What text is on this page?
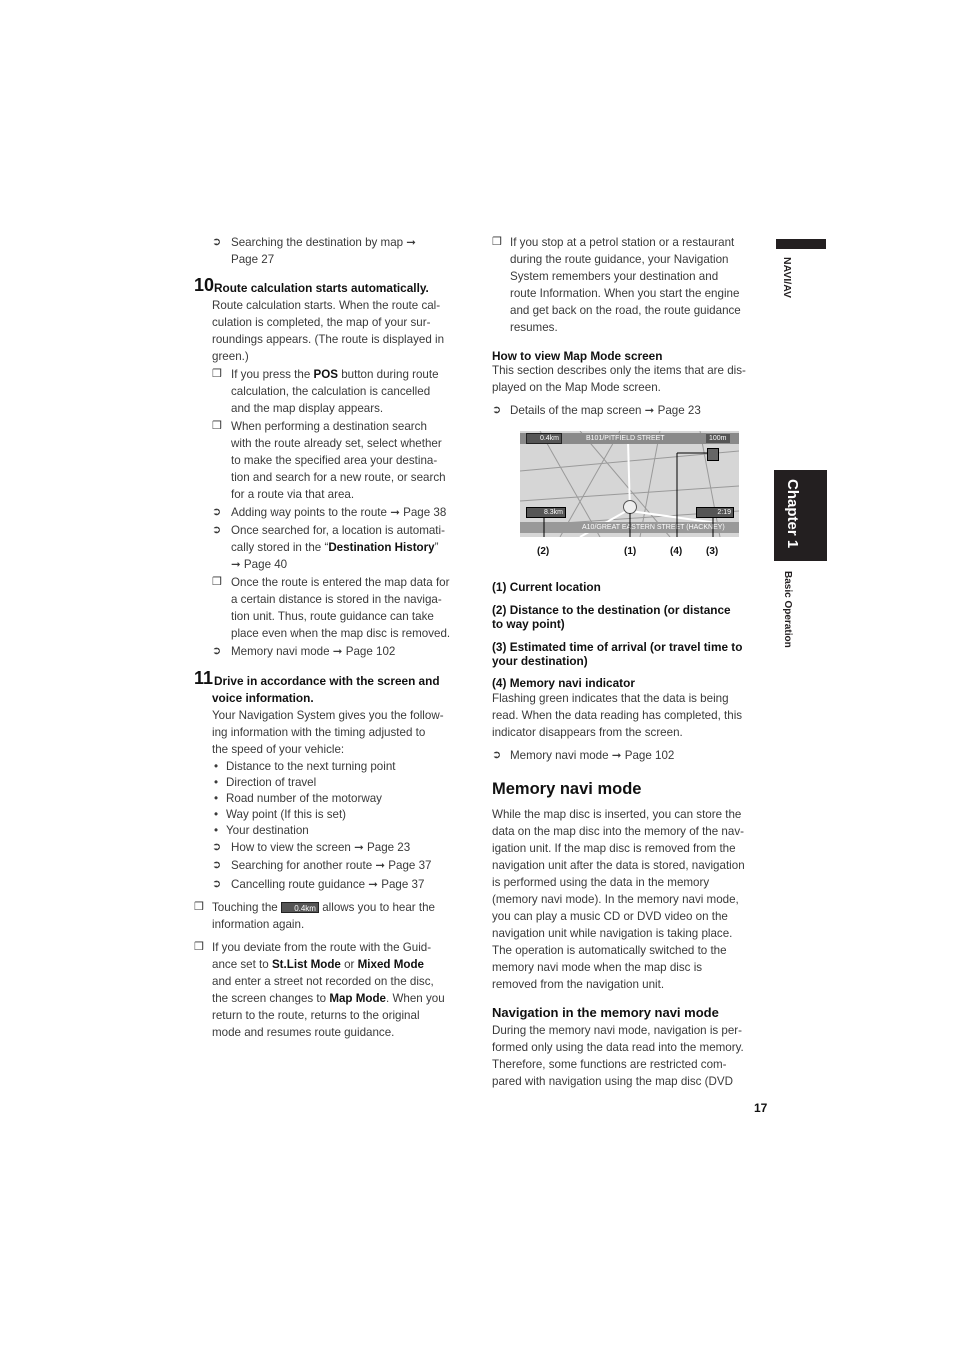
➲ Searching the destination by map ➞
Page 27
10 Route calculation starts automatically.
Route calculation starts. When the route cal-
culation is completed, the map of your sur-
roundings appears. (The route is displayed in
green.)
❒ If you press the POS button during route
calculation, the calculation is cancelled
and the map display appears.
❒ When performing a destination search
with the route already set, select whether
to make the specified area your destina-
tion and search for a new route, or search
for a route via that area.
➲ Adding way points to the route ➞ Page 38
➲ Once searched for, a location is automati-
cally stored in the “Destination History”
➞ Page 40
❒ Once the route is entered the map data for
a certain distance is stored in the naviga-
tion unit. Thus, route guidance can take
place even when the map disc is removed.
➲ Memory navi mode ➞ Page 102
11 Drive in accordance with the screen and
voice information.
Your Navigation System gives you the follow-
ing information with the timing adjusted to
the speed of your vehicle:
• Distance to the next turning point
• Direction of travel
• Road number of the motorway
• Way point (If this is set)
• Your destination
➲ How to view the screen ➞ Page 23
➲ Searching for another route ➞ Page 37
➲ Cancelling route guidance ➞ Page 37
❒ Touching the 0.4km allows you to hear the
information again.
❒ If you deviate from the route with the Guid-
ance set to St.List Mode or Mixed Mode
and enter a street not recorded on the disc,
the screen changes to Map Mode. When you
return to the route, returns to the original
mode and resumes route guidance.
❒ If you stop at a petrol station or a restaurant
during the route guidance, your Navigation
System remembers your destination and
route Information. When you start the engine
and get back on the road, the route guidance
resumes.
How to view Map Mode screen
This section describes only the items that are dis-
played on the Map Mode screen.
➲ Details of the map screen ➞ Page 23
0.4km	B101/PITFIELD STREET	100m
8.3km	2:19
A10/GREAT EASTERN STREET (HACKNEY)
(2)	(1)	(4) (3)
(1) Current location
(2) Distance to the destination (or distance
to way point)
(3) Estimated time of arrival (or travel time to
your destination)
(4) Memory navi indicator
Flashing green indicates that the data is being
read. When the data reading has completed, this
indicator disappears from the screen.
➲ Memory navi mode ➞ Page 102
Memory navi mode
While the map disc is inserted, you can store the
data on the map disc into the memory of the nav-
igation unit. If the map disc is removed from the
navigation unit after the data is stored, navigation
is performed using the data in the memory
(memory navi mode). In the memory navi mode,
you can play a music CD or DVD video on the
navigation unit while navigation is taking place.
The operation is automatically switched to the
memory navi mode when the map disc is
removed from the navigation unit.
Navigation in the memory navi mode
During the memory navi mode, navigation is per-
formed only using the data read into the memory.
Therefore, some functions are restricted com-
pared with navigation using the map disc (DVD
17
NAVI/AV
Chapter 1
Basic Operation
